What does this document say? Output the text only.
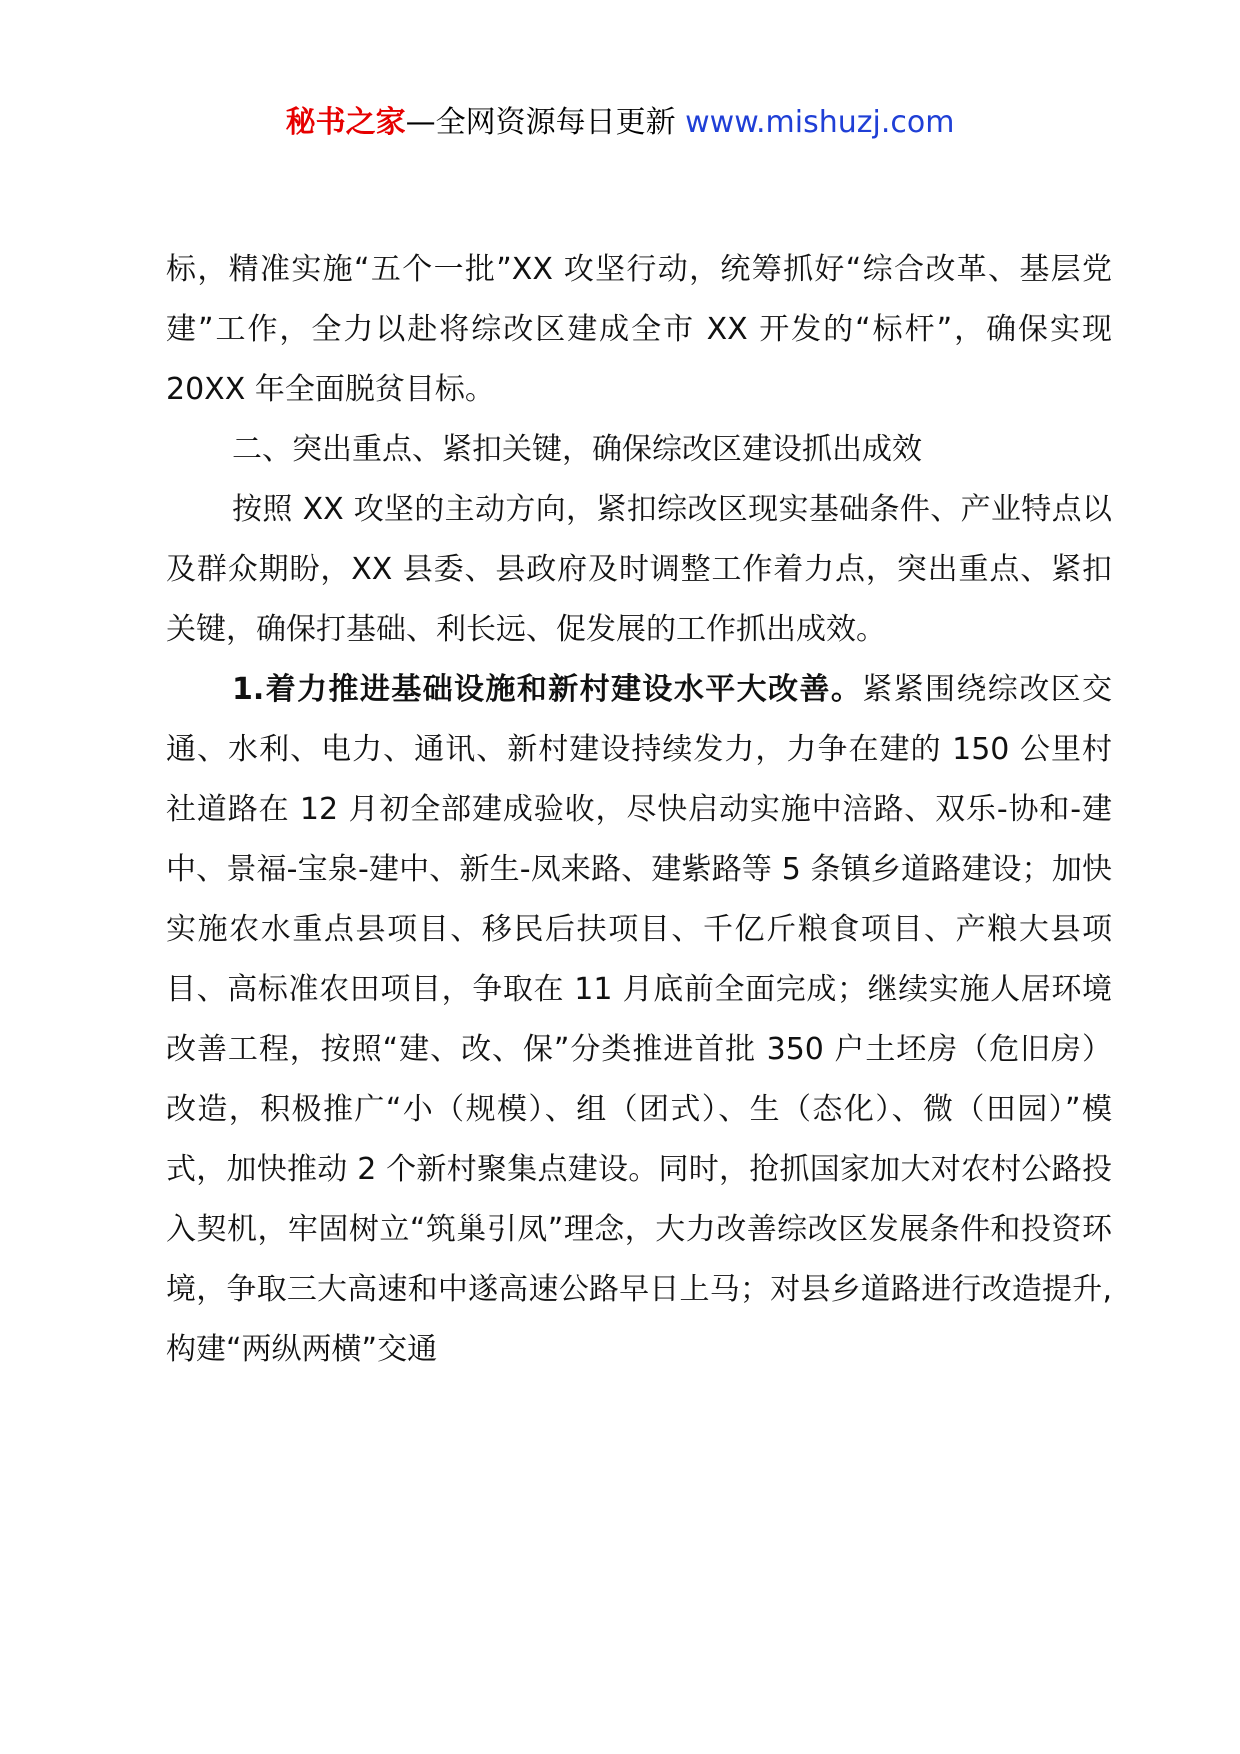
秘书之家—全网资源每日更新 www.mishuzj.com

标，精准实施“五个一批”XX 攻坚行动，统筹抓好“综合改革、基层党建”工作，全力以赴将综改区建成全市 XX 开发的“标杆”，确保实现 20XX 年全面脱贫目标。

二、突出重点、紧扣关键，确保综改区建设抓出成效

按照 XX 攻坚的主动方向，紧扣综改区现实基础条件、产业特点以及群众期盼，XX 县委、县政府及时调整工作着力点，突出重点、紧扣关键，确保打基础、利长远、促发展的工作抓出成效。

1.着力推进基础设施和新村建设水平大改善。紧紧围绕综改区交通、水利、电力、通讯、新村建设持续发力，力争在建的 150 公里村社道路在 12 月初全部建成验收，尽快启动实施中涪路、双乐-协和-建中、景福-宝泉-建中、新生-凤来路、建紫路等 5 条镇乡道路建设；加快实施农水重点县项目、移民后扶项目、千亿斤粮食项目、产粮大县项目、高标准农田项目，争取在 11 月底前全面完成；继续实施人居环境改善工程，按照“建、改、保”分类推进首批 350 户土坯房（危旧房）改造，积极推广“小（规模）、组（团式）、生（态化）、微（田园）”模式，加快推动 2 个新村聚集点建设。同时，抢抓国家加大对农村公路投入契机，牢固树立“筑巢引凤”理念，大力改善综改区发展条件和投资环境，争取三大高速和中遂高速公路早日上马；对县乡道路进行改造提升,构建“两纵两横”交通
